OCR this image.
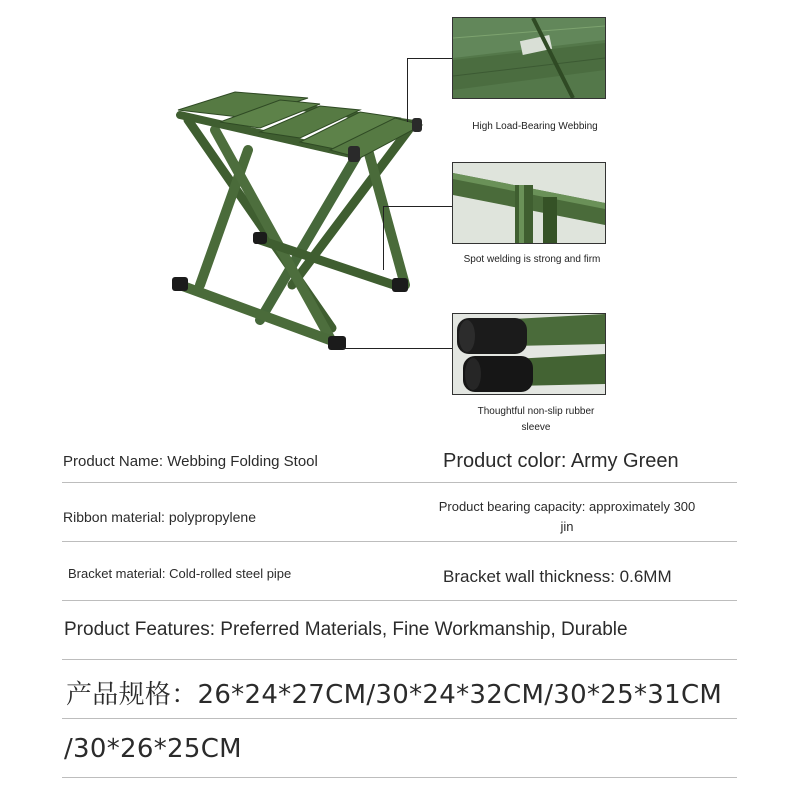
High Load-Bearing Webbing
Spot welding is strong and firm
Thoughtful non-slip rubber sleeve
Product Name: Webbing Folding Stool	Product color: Army Green
Ribbon material: polypropylene
Product bearing capacity: approximately 300 jin
Bracket material: Cold-rolled steel pipe	Bracket wall thickness: 0.6MM
Product Features: Preferred Materials, Fine Workmanship, Durable
产品规格：26*24*27CM/30*24*32CM/30*25*31CM
/30*26*25CM
